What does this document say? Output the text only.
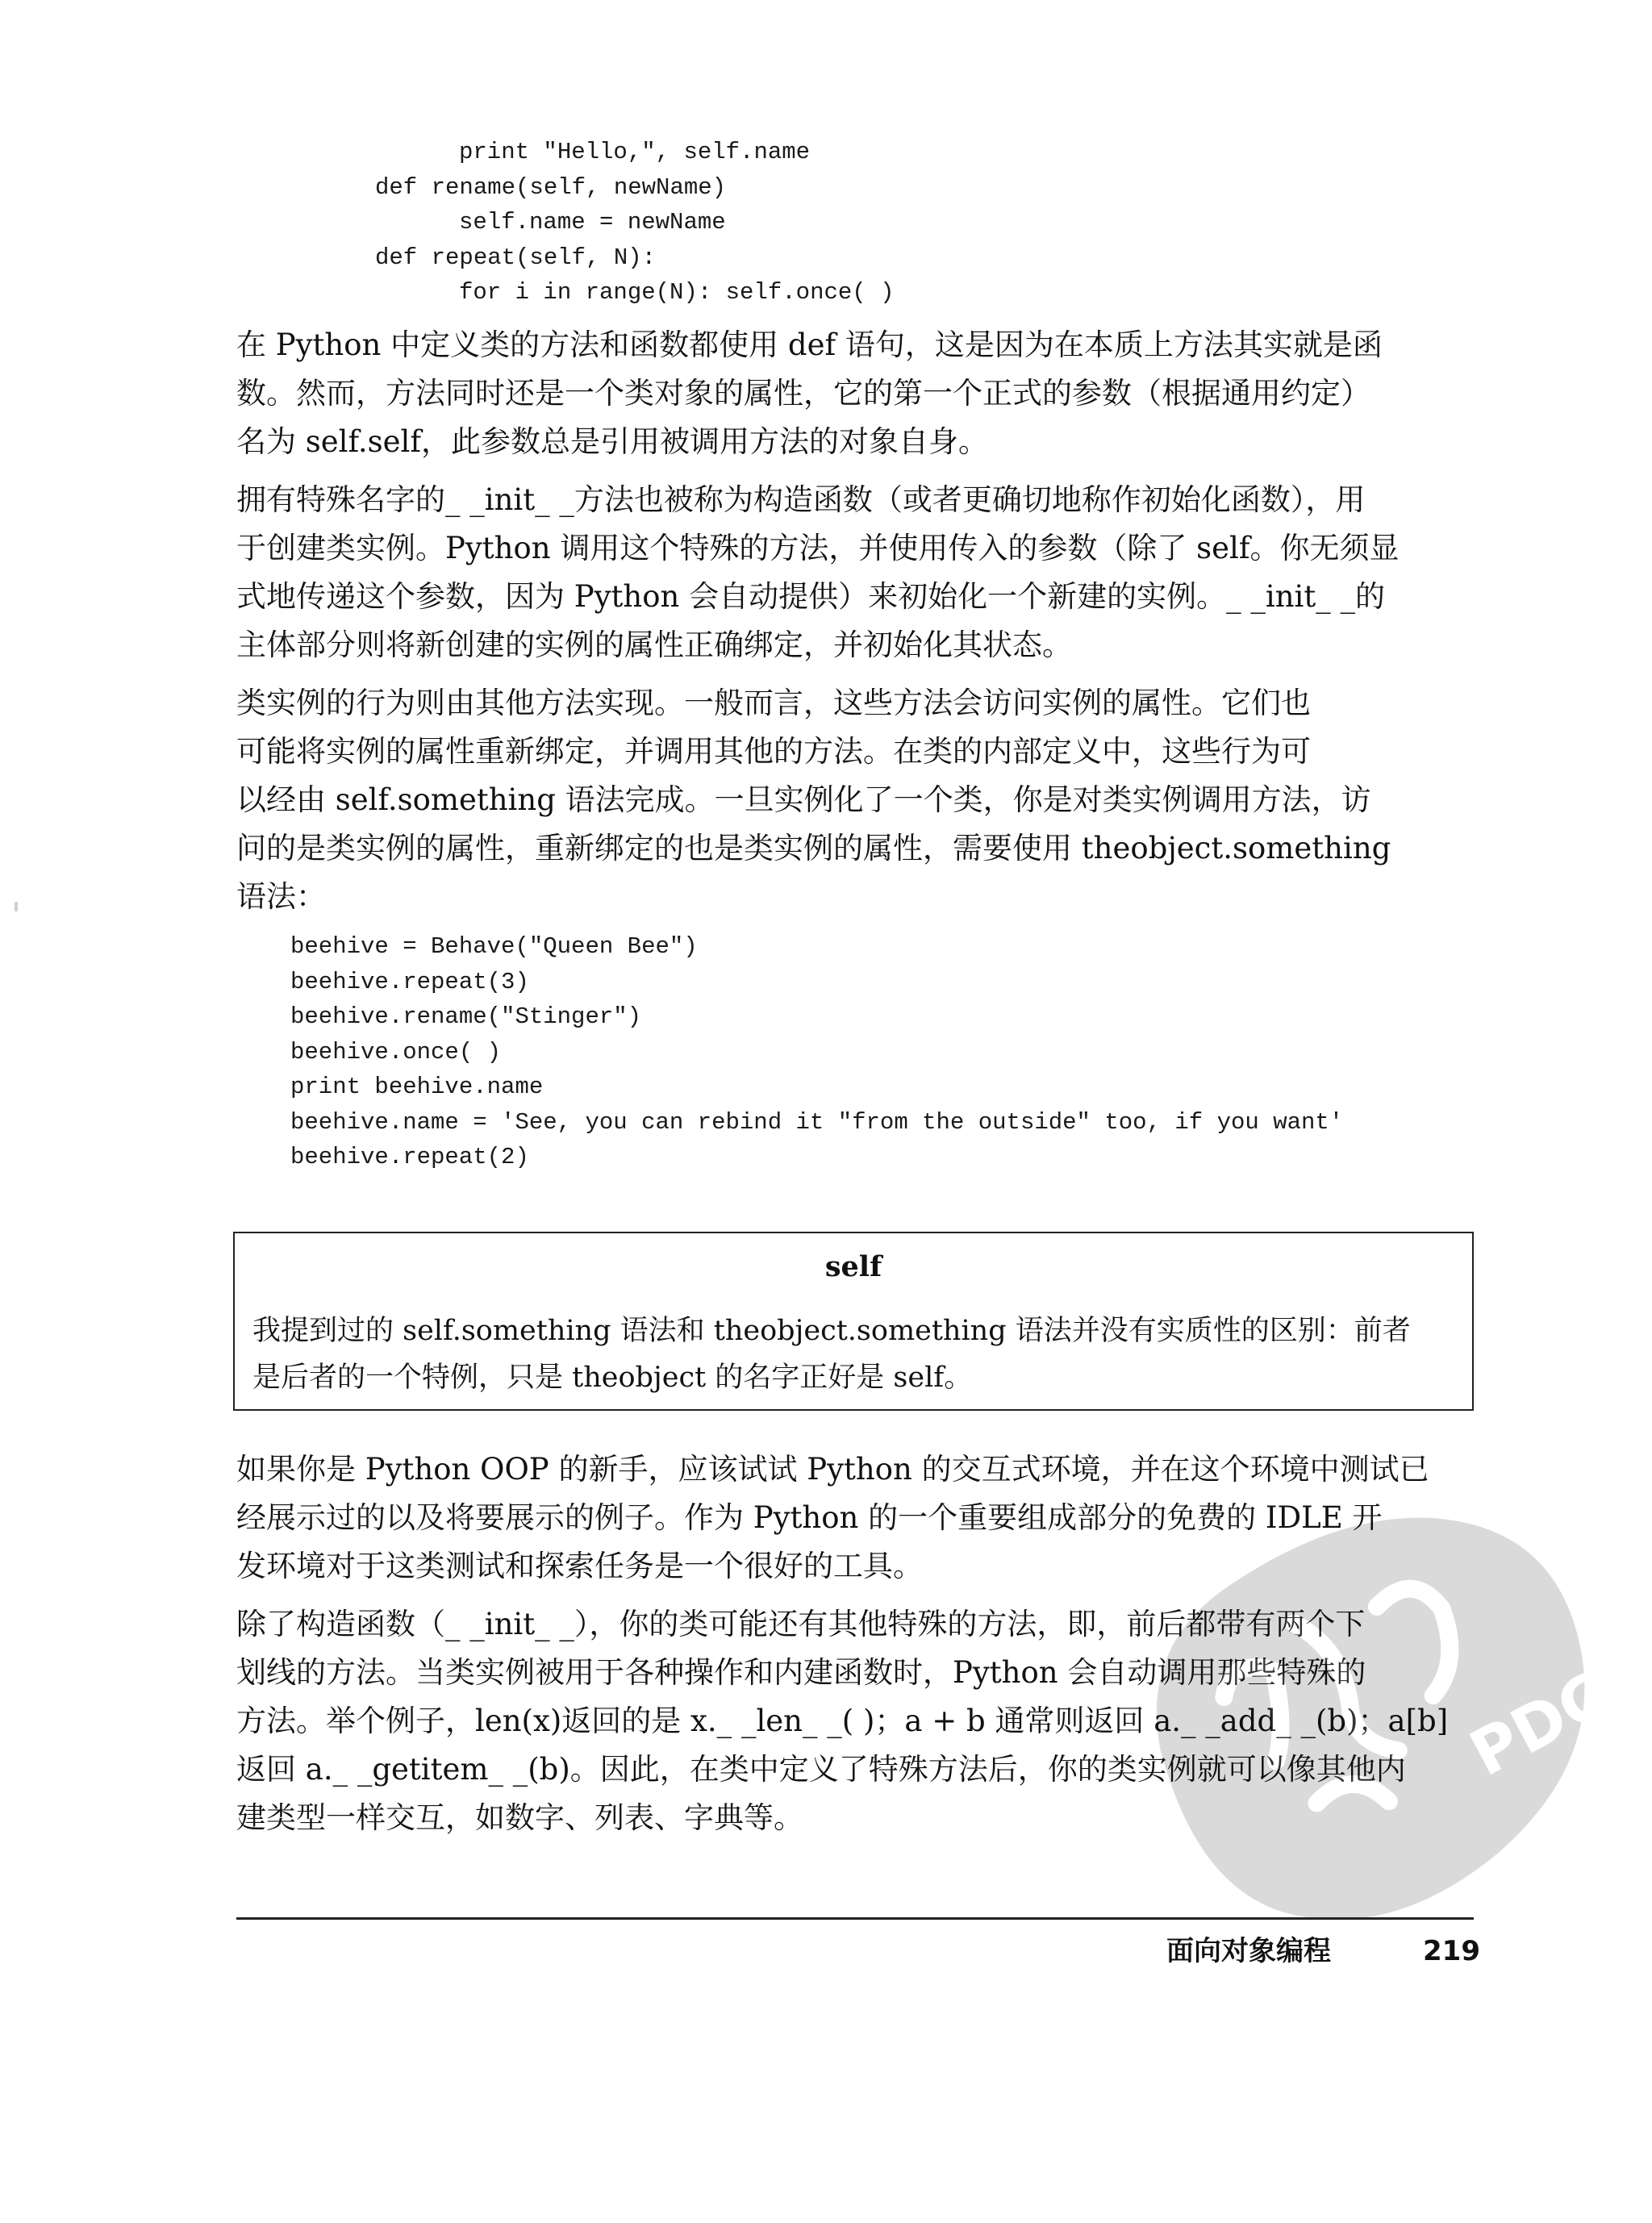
print "Hello,", self.name
def rename(self, newName)
self.name = newName
def repeat(self, N):
for i in range(N): self.once( )
在 Python 中定义类的方法和函数都使用 def 语句，这是因为在本质上方法其实就是函
数。然而，方法同时还是一个类对象的属性，它的第一个正式的参数（根据通用约定）
名为 self.self，此参数总是引用被调用方法的对象自身。
拥有特殊名字的_ _init_ _方法也被称为构造函数（或者更确切地称作初始化函数），用
于创建类实例。Python 调用这个特殊的方法，并使用传入的参数（除了 self。你无须显
式地传递这个参数，因为 Python 会自动提供）来初始化一个新建的实例。_ _init_ _的
主体部分则将新创建的实例的属性正确绑定，并初始化其状态。
类实例的行为则由其他方法实现。一般而言，这些方法会访问实例的属性。它们也
可能将实例的属性重新绑定，并调用其他的方法。在类的内部定义中，这些行为可
以经由 self.something 语法完成。一旦实例化了一个类，你是对类实例调用方法，访
问的是类实例的属性，重新绑定的也是类实例的属性，需要使用 theobject.something
语法：
beehive = Behave("Queen Bee")
beehive.repeat(3)
beehive.rename("Stinger")
beehive.once( )
print beehive.name
beehive.name = 'See, you can rebind it "from the outside" too, if you want'
beehive.repeat(2)
self
我提到过的 self.something 语法和 theobject.something 语法并没有实质性的区别：前者
是后者的一个特例，只是 theobject 的名字正好是 self。
如果你是 Python OOP 的新手，应该试试 Python 的交互式环境，并在这个环境中测试已
经展示过的以及将要展示的例子。作为 Python 的一个重要组成部分的免费的 IDLE 开
发环境对于这类测试和探索任务是一个很好的工具。
除了构造函数（_ _init_ _），你的类可能还有其他特殊的方法，即，前后都带有两个下
划线的方法。当类实例被用于各种操作和内建函数时，Python 会自动调用那些特殊的
方法。举个例子，len(x)返回的是 x._ _len_ _( )；a + b 通常则返回 a._ _add_ _(b)；a[b]
返回 a._ _getitem_ _(b)。因此，在类中定义了特殊方法后，你的类实例就可以像其他内
建类型一样交互，如数字、列表、字典等。
PDG
面向对象编程	219
